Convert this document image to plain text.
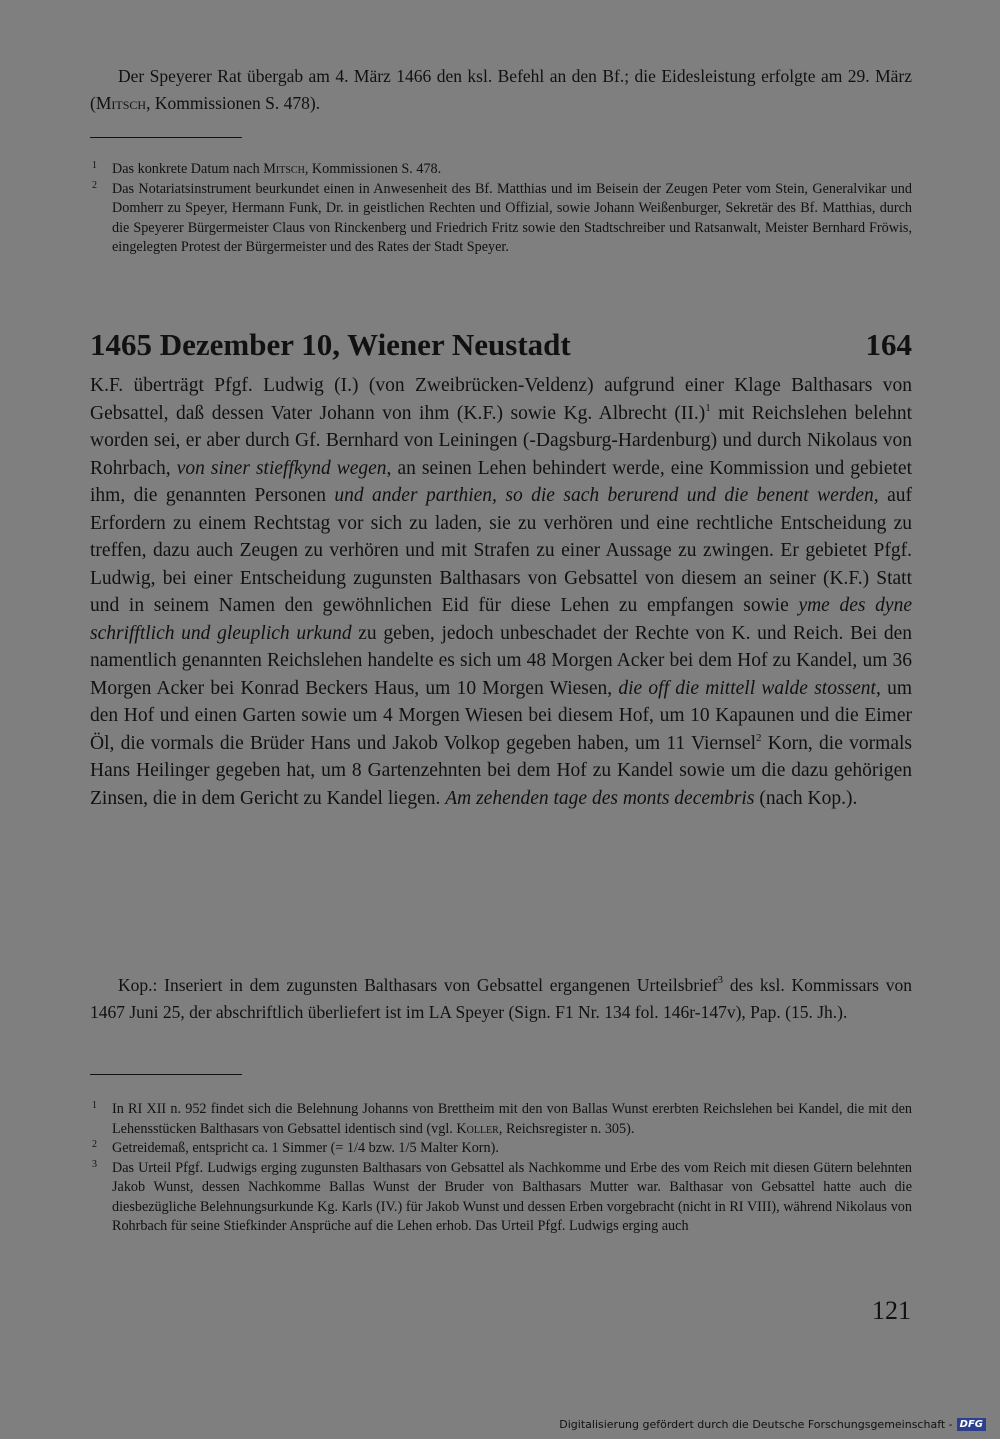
Der Speyerer Rat übergab am 4. März 1466 den ksl. Befehl an den Bf.; die Eidesleistung erfolgte am 29. März (Mitsch, Kommissionen S. 478).

1 Das konkrete Datum nach Mitsch, Kommissionen S. 478.
2 Das Notariatsinstrument beurkundet einen in Anwesenheit des Bf. Matthias und im Beisein der Zeugen Peter vom Stein, Generalvikar und Domherr zu Speyer, Hermann Funk, Dr. in geistlichen Rechten und Offizial, sowie Johann Weißenburger, Sekretär des Bf. Matthias, durch die Speyerer Bürgermeister Claus von Rinckenberg und Friedrich Fritz sowie den Stadtschreiber und Ratsanwalt, Meister Bernhard Fröwis, eingelegten Protest der Bürgermeister und des Rates der Stadt Speyer.
1465 Dezember 10, Wiener Neustadt	164

K.F. überträgt Pfgf. Ludwig (I.) (von Zweibrücken-Veldenz) aufgrund einer Klage Balthasars von Gebsattel, daß dessen Vater Johann von ihm (K.F.) sowie Kg. Albrecht $(II.)^1$ mit Reichslehen belehnt worden sei, er aber durch Gf. Bernhard von Leiningen (-Dagsburg-Hardenburg) und durch Nikolaus von Rohrbach, von siner stieffkynd wegen, an seinen Lehen behindert werde, eine Kommission und gebietet ihm, die genannten Personen und ander parthien, so die sach berurend und die benent werden, auf Erfordern zu einem Rechtstag vor sich zu laden, sie zu verhören und eine rechtliche Entscheidung zu treffen, dazu auch Zeugen zu verhören und mit Strafen zu einer Aussage zu zwingen. Er gebietet Pfgf. Ludwig, bei einer Entscheidung zugunsten Balthasars von Gebsattel von diesem an seiner (K.F.) Statt und in seinem Namen den gewöhnlichen Eid für diese Lehen zu empfangen sowie yme des dyne schrifftlich und gleuplich urkund zu geben, jedoch unbeschadet der Rechte von K. und Reich. Bei den namentlich genannten Reichslehen handelte es sich um 48 Morgen Acker bei dem Hof zu Kandel, um 36 Morgen Acker bei Konrad Beckers Haus, um 10 Morgen Wiesen, die off die mittell walde stossent, um den Hof und einen Garten sowie um 4 Morgen Wiesen bei diesem Hof, um 10 Kapaunen und die Eimer Öl, die vormals die Brüder Hans und Jakob Volkop gegeben haben, um 11 Viernsel$^2$ Korn, die vormals Hans Heilinger gegeben hat, um 8 Gartenzehnten bei dem Hof zu Kandel sowie um die dazu gehörigen Zinsen, die in dem Gericht zu Kandel liegen. Am zehenden tage des monts decembris (nach Kop.).

Kop.: Inseriert in dem zugunsten Balthasars von Gebsattel ergangenen Urteilsbrief$^3$ des ksl. Kommissars von 1467 Juni 25, der abschriftlich überliefert ist im LA Speyer (Sign. F1 Nr. 134 fol. 146r-147v), Pap. (15. Jh.).

1 In RI XII n. 952 findet sich die Belehnung Johanns von Brettheim mit den von Ballas Wunst ererbten Reichslehen bei Kandel, die mit den Lehensstücken Balthasars von Gebsattel identisch sind (vgl. Koller, Reichsregister n. 305).
2 Getreidemaß, entspricht ca. 1 Simmer (= 1/4 bzw. 1/5 Malter Korn).
3 Das Urteil Pfgf. Ludwigs erging zugunsten Balthasars von Gebsattel als Nachkomme und Erbe des vom Reich mit diesen Gütern belehnten Jakob Wunst, dessen Nachkomme Ballas Wunst der Bruder von Balthasars Mutter war. Balthasar von Gebsattel hatte auch die diesbezügliche Belehnungsurkunde Kg. Karls (IV.) für Jakob Wunst und dessen Erben vorgebracht (nicht in RI VIII), während Nikolaus von Rohrbach für seine Stiefkinder Ansprüche auf die Lehen erhob. Das Urteil Pfgf. Ludwigs erging auch
121
Digitalisierung gefördert durch die Deutsche Forschungsgemeinschaft - DFG
